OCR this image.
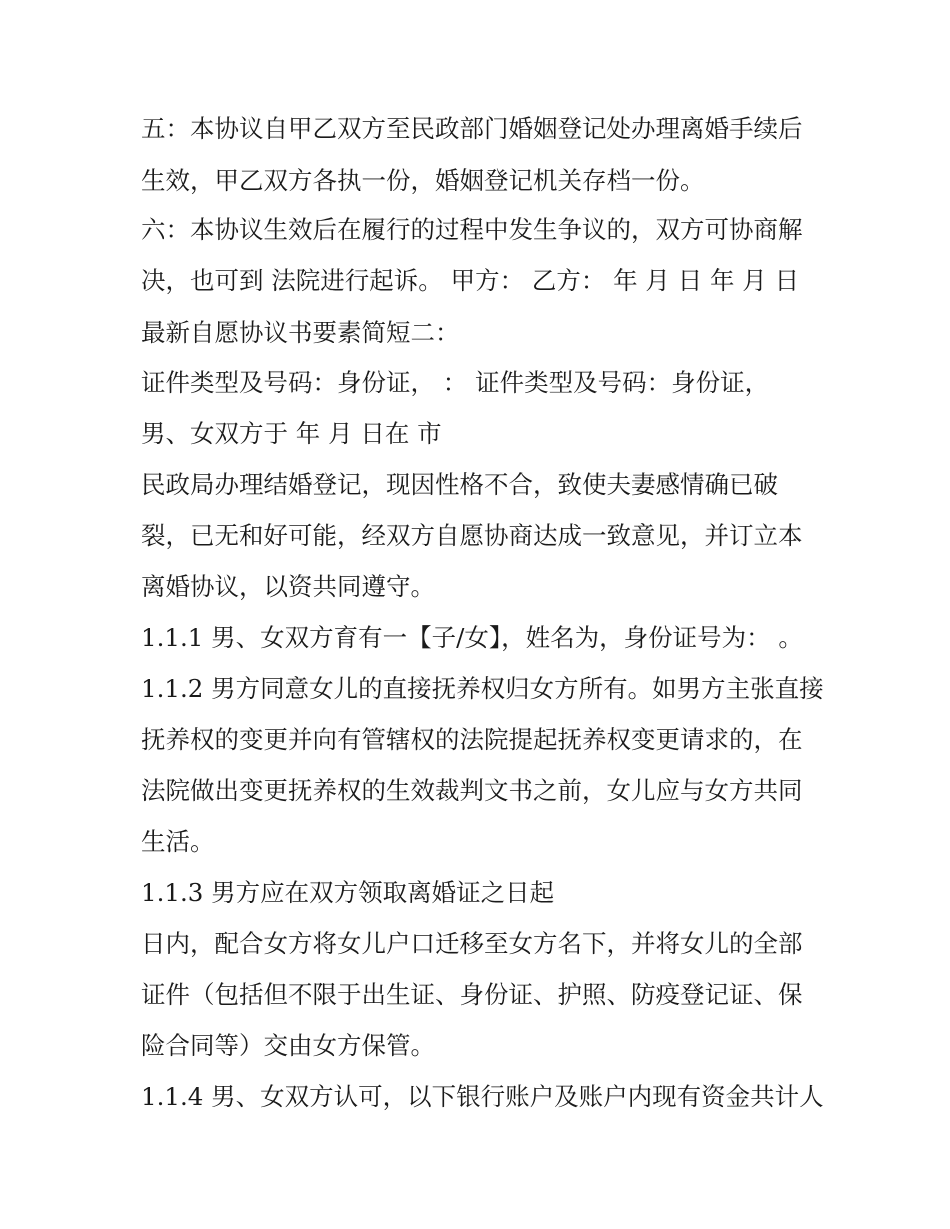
五：本协议自甲乙双方至民政部门婚姻登记处办理离婚手续后
生效，甲乙双方各执一份，婚姻登记机关存档一份。
六：本协议生效后在履行的过程中发生争议的，双方可协商解
决，也可到 法院进行起诉。 甲方： 乙方： 年 月 日 年 月 日
最新自愿协议书要素简短二：
证件类型及号码：身份证， ： 证件类型及号码：身份证，
男、女双方于 年 月 日在 市
民政局办理结婚登记，现因性格不合，致使夫妻感情确已破
裂，已无和好可能，经双方自愿协商达成一致意见，并订立本
离婚协议，以资共同遵守。
1.1.1 男、女双方育有一【子/女】，姓名为，身份证号为： 。
1.1.2 男方同意女儿的直接抚养权归女方所有。如男方主张直接
抚养权的变更并向有管辖权的法院提起抚养权变更请求的，在
法院做出变更抚养权的生效裁判文书之前，女儿应与女方共同
生活。
1.1.3 男方应在双方领取离婚证之日起
日内，配合女方将女儿户口迁移至女方名下，并将女儿的全部
证件（包括但不限于出生证、身份证、护照、防疫登记证、保
险合同等）交由女方保管。
1.1.4 男、女双方认可，以下银行账户及账户内现有资金共计人
